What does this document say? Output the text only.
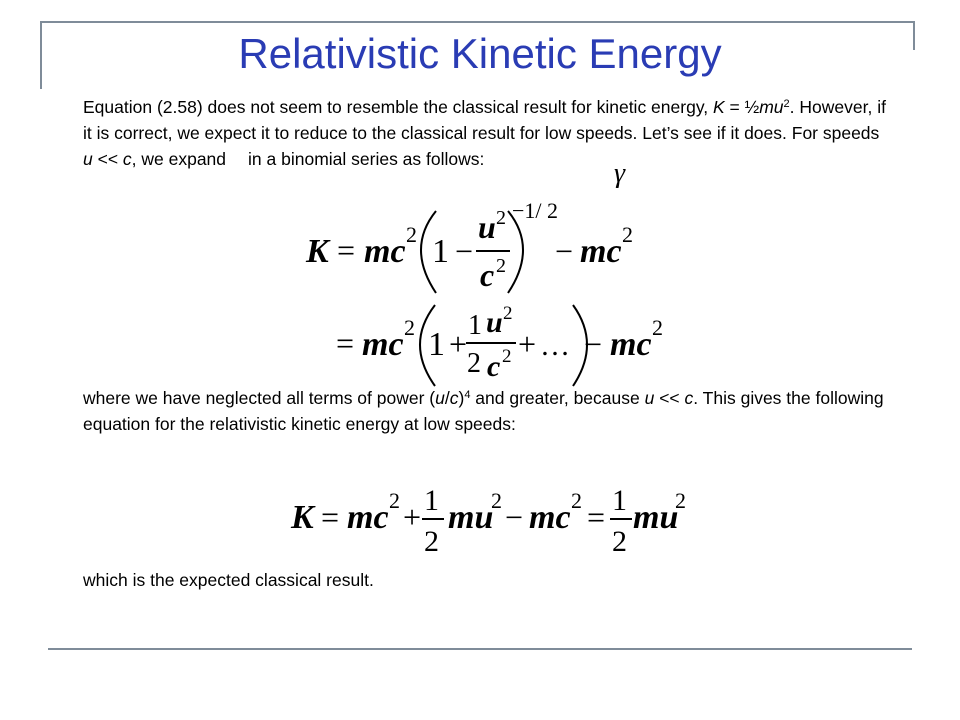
Relativistic Kinetic Energy
Equation (2.58) does not seem to resemble the classical result for kinetic energy, $K = \frac{1}{2}mu^2$. However, if it is correct, we expect it to reduce to the classical result for low speeds. Let’s see if it does. For speeds u << c, we expand in a binomial series as follows:	γ
K = mc 2 1 −
u 2
c 2
−1/ 2
− mc 2
= mc 2 1 +
1
2
u 2
c 2 + … − mc 2
where we have neglected all terms of power $(u/c)^4$ and greater, because u << c. This gives the following equation for the relativistic kinetic energy at low speeds:
K = mc 2 + 1
2
mu
2 − mc 2 = 1
2
mu
2
which is the expected classical result.
